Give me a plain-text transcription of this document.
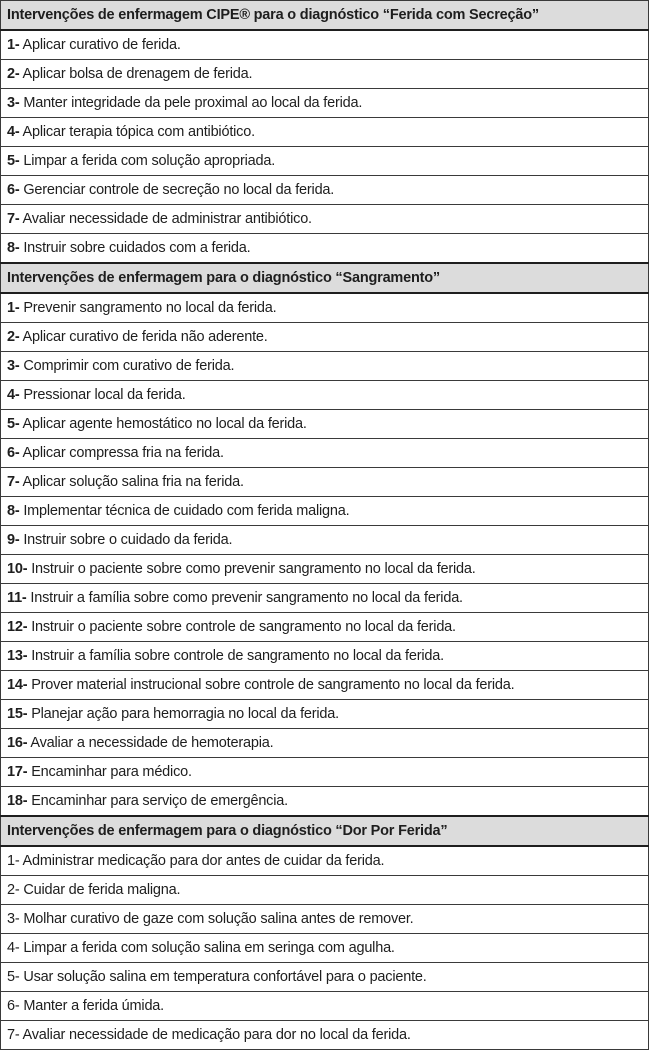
Intervenções de enfermagem CIPE® para o diagnóstico “Ferida com Secreção”
1- Aplicar curativo de ferida.
2- Aplicar bolsa de drenagem de ferida.
3- Manter integridade da pele proximal ao local da ferida.
4- Aplicar terapia tópica com antibiótico.
5- Limpar a ferida com solução apropriada.
6- Gerenciar controle de secreção no local da ferida.
7- Avaliar necessidade de administrar antibiótico.
8- Instruir sobre cuidados com a ferida.
Intervenções de enfermagem para o diagnóstico “Sangramento”
1- Prevenir sangramento no local da ferida.
2- Aplicar curativo de ferida não aderente.
3- Comprimir com curativo de ferida.
4- Pressionar local da ferida.
5- Aplicar agente hemostático no local da ferida.
6- Aplicar compressa fria na ferida.
7- Aplicar solução salina fria na ferida.
8- Implementar técnica de cuidado com ferida maligna.
9- Instruir sobre o cuidado da ferida.
10- Instruir o paciente sobre como prevenir sangramento no local da ferida.
11- Instruir a família sobre como prevenir sangramento no local da ferida.
12- Instruir o paciente sobre controle de sangramento no local da ferida.
13- Instruir a família sobre controle de sangramento no local da ferida.
14- Prover material instrucional sobre controle de sangramento no local da ferida.
15- Planejar ação para hemorragia no local da ferida.
16- Avaliar a necessidade de hemoterapia.
17- Encaminhar para médico.
18- Encaminhar para serviço de emergência.
Intervenções de enfermagem para o diagnóstico “Dor Por Ferida”
1- Administrar medicação para dor antes de cuidar da ferida.
2- Cuidar de ferida maligna.
3- Molhar curativo de gaze com solução salina antes de remover.
4- Limpar a ferida com solução salina em seringa com agulha.
5- Usar solução salina em temperatura confortável para o paciente.
6- Manter a ferida úmida.
7- Avaliar necessidade de medicação para dor no local da ferida.
